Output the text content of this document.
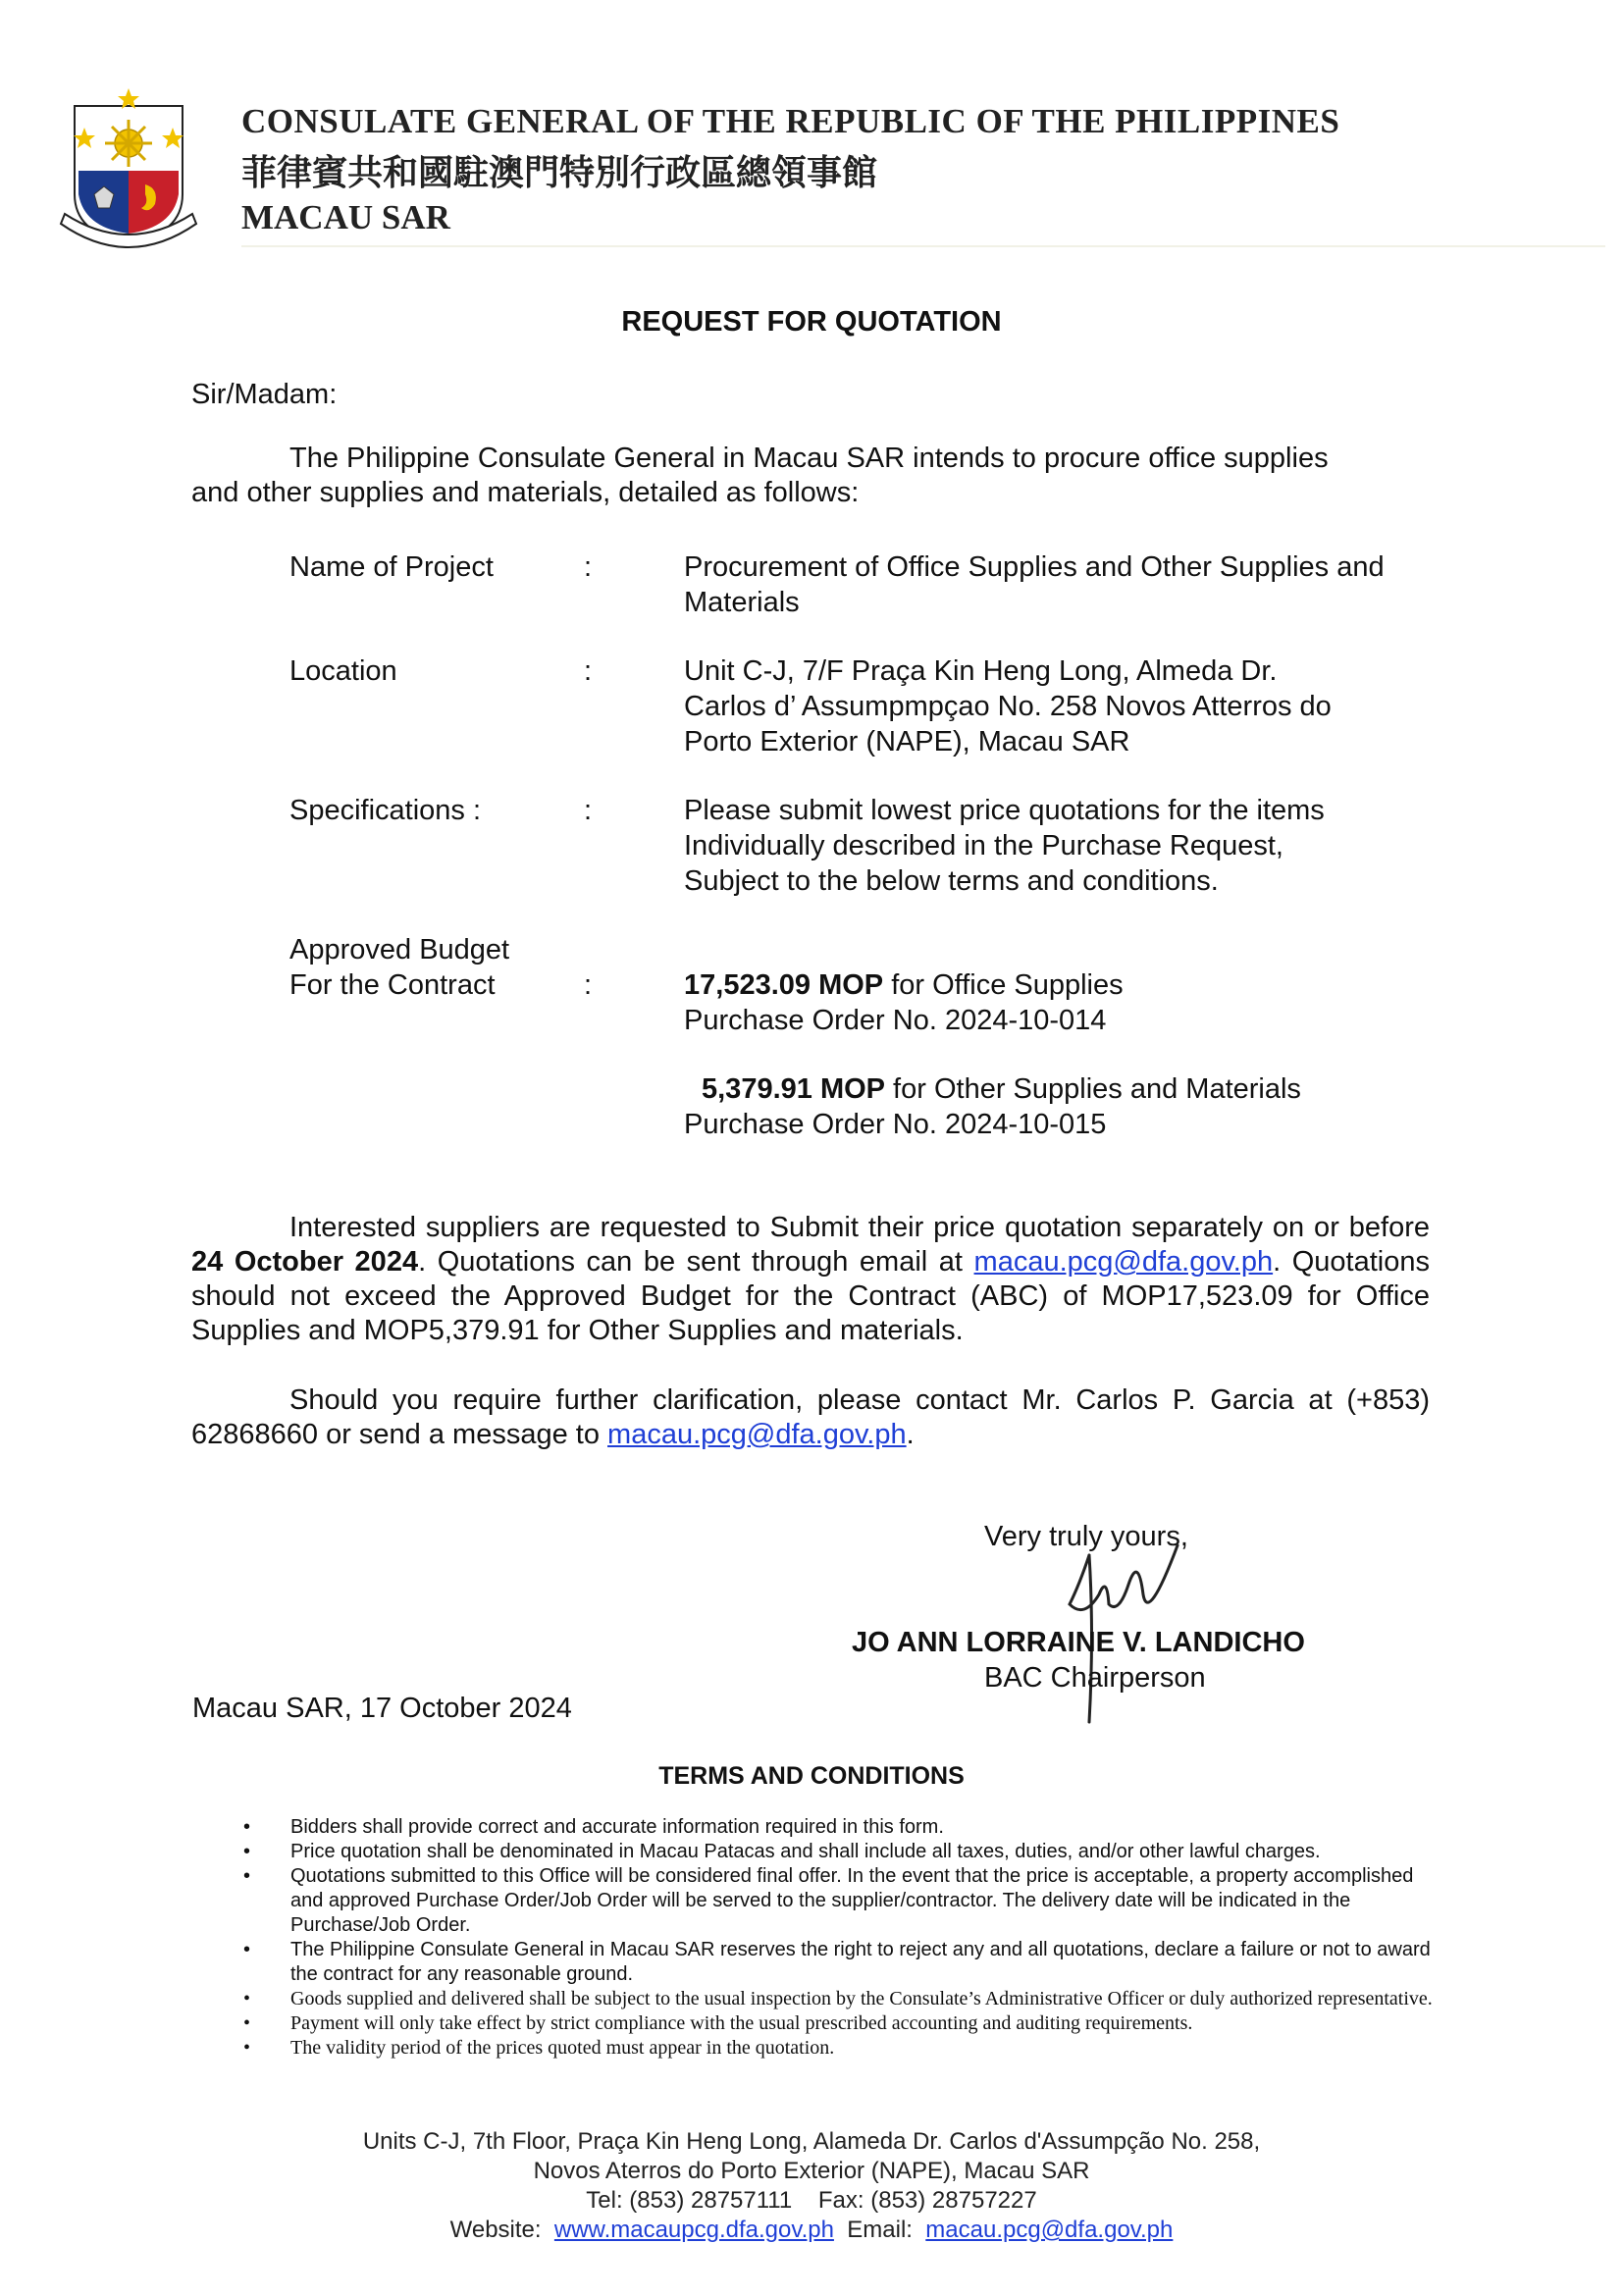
CONSULATE GENERAL OF THE REPUBLIC OF THE PHILIPPINES
菲律賓共和國駐澳門特別行政區總領事館
MACAU SAR
REQUEST FOR QUOTATION
Sir/Madam:
The Philippine Consulate General in Macau SAR intends to procure office supplies
and other supplies and materials, detailed as follows:
Name of Project	:	Procurement of Office Supplies and Other Supplies and
Materials
Location	:	Unit C-J, 7/F Praça Kin Heng Long, Almeda Dr.
Carlos d’ Assumpmpçao No. 258 Novos Atterros do
Porto Exterior (NAPE), Macau SAR
Specifications :	:	Please submit lowest price quotations for the items
Individually described in the Purchase Request,
Subject to the below terms and conditions.
Approved Budget
For the Contract	:	17,523.09 MOP for Office Supplies
Purchase Order No. 2024-10-014
5,379.91 MOP for Other Supplies and Materials
Purchase Order No. 2024-10-015

Interested suppliers are requested to Submit their price quotation separately on or before 24 October 2024. Quotations can be sent through email at macau.pcg@dfa.gov.ph. Quotations should not exceed the Approved Budget for the Contract (ABC) of MOP17,523.09 for Office Supplies and MOP5,379.91 for Other Supplies and materials.

Should you require further clarification, please contact Mr. Carlos P. Garcia at (+853) 62868660 or send a message to macau.pcg@dfa.gov.ph.

Very truly yours,
JO ANN LORRAINE V. LANDICHO
BAC Chairperson
Macau SAR, 17 October 2024
TERMS AND CONDITIONS
• Bidders shall provide correct and accurate information required in this form.
• Price quotation shall be denominated in Macau Patacas and shall include all taxes, duties, and/or other lawful charges.
• Quotations submitted to this Office will be considered final offer. In the event that the price is acceptable, a property accomplished and approved Purchase Order/Job Order will be served to the supplier/contractor. The delivery date will be indicated in the Purchase/Job Order.
• The Philippine Consulate General in Macau SAR reserves the right to reject any and all quotations, declare a failure or not to award the contract for any reasonable ground.
• Goods supplied and delivered shall be subject to the usual inspection by the Consulate’s Administrative Officer or duly authorized representative.
• Payment will only take effect by strict compliance with the usual prescribed accounting and auditing requirements.
• The validity period of the prices quoted must appear in the quotation.
Units C-J, 7th Floor, Praça Kin Heng Long, Alameda Dr. Carlos d'Assumpção No. 258,
Novos Aterros do Porto Exterior (NAPE), Macau SAR
Tel: (853) 28757111    Fax: (853) 28757227
Website:  www.macaupcg.dfa.gov.ph  Email:  macau.pcg@dfa.gov.ph
